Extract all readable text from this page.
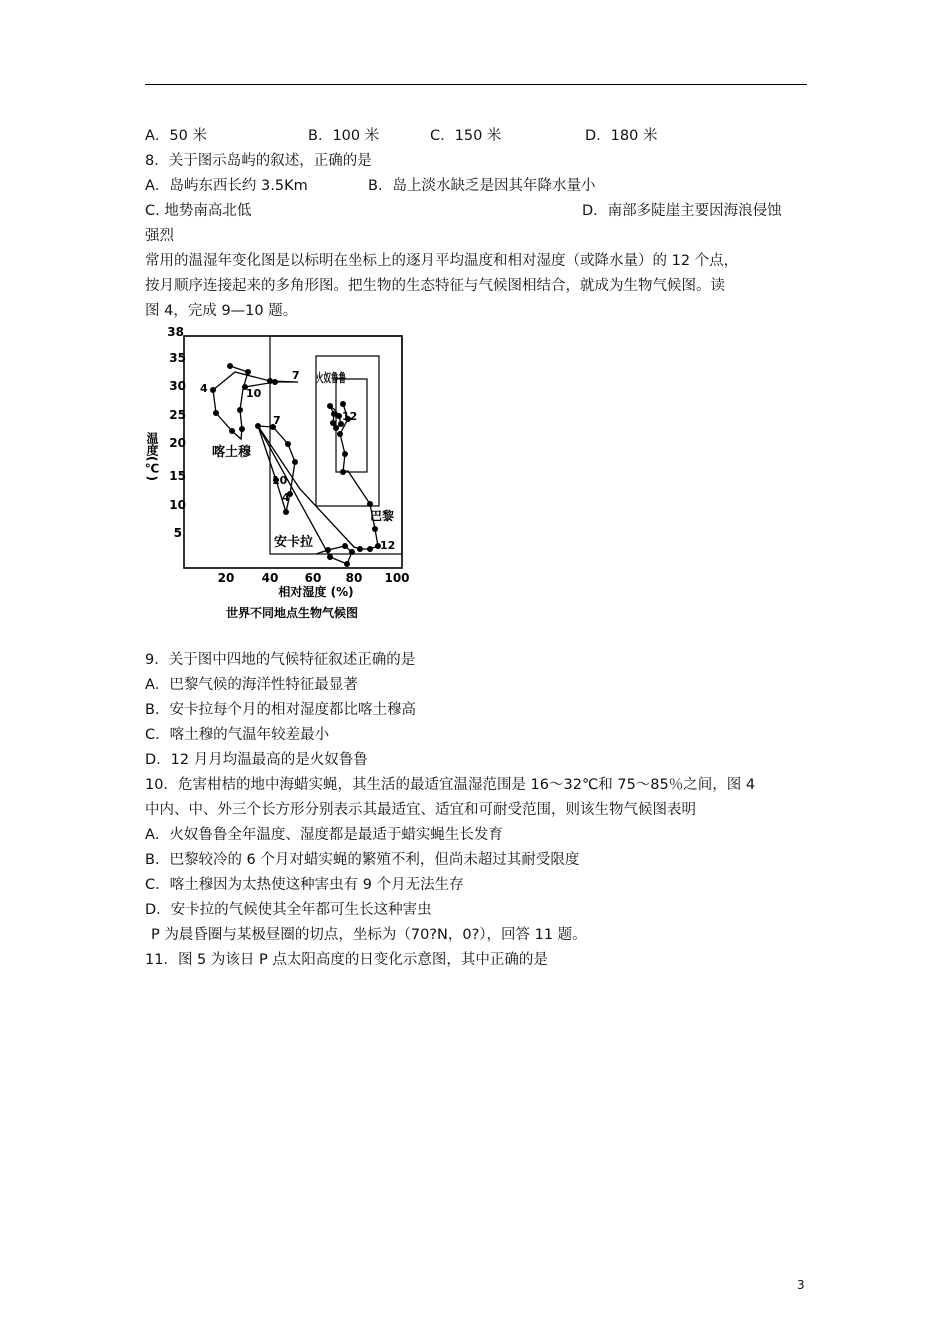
A．50 米	B．100 米	C．150 米	D．180 米
8．关于图示岛屿的叙述，正确的是
A．岛屿东西长约 3.5Km	B．岛上淡水缺乏是因其年降水量小
C. 地势南高北低	D．南部多陡崖主要因海浪侵蚀
强烈
常用的温湿年变化图是以标明在坐标上的逐月平均温度和相对湿度（或降水量）的 12 个点，
按月顺序连接起来的多角形图。把生物的生态特征与气候图相结合，就成为生物气候图。读
图 4，完成 9—10 题。
38
35
30
25
20
15
10
5
20 40 60 80 100
温度(℃)
相对湿度 (%)
世界不同地点生物气候图
喀土穆
火奴鲁鲁
巴黎
安卡拉
7
4	10
7
10
4
12
12
9．关于图中四地的气候特征叙述正确的是
A．巴黎气候的海洋性特征最显著
B．安卡拉每个月的相对湿度都比喀土穆高
C．喀土穆的气温年较差最小
D．12 月月均温最高的是火奴鲁鲁
10．危害柑桔的地中海蜡实蝇，其生活的最适宜温湿范围是 16～32℃和 75～85％之间，图 4
中内、中、外三个长方形分别表示其最适宜、适宜和可耐受范围，则该生物气候图表明
A．火奴鲁鲁全年温度、湿度都是最适于蜡实蝇生长发育
B．巴黎较冷的 6 个月对蜡实蝇的繁殖不利，但尚未超过其耐受限度
C．喀土穆因为太热使这种害虫有 9 个月无法生存
D．安卡拉的气候使其全年都可生长这种害虫
P 为晨昏圈与某极昼圈的切点，坐标为（70?N，0?），回答 11 题。
11．图 5 为该日 P 点太阳高度的日变化示意图，其中正确的是
3
